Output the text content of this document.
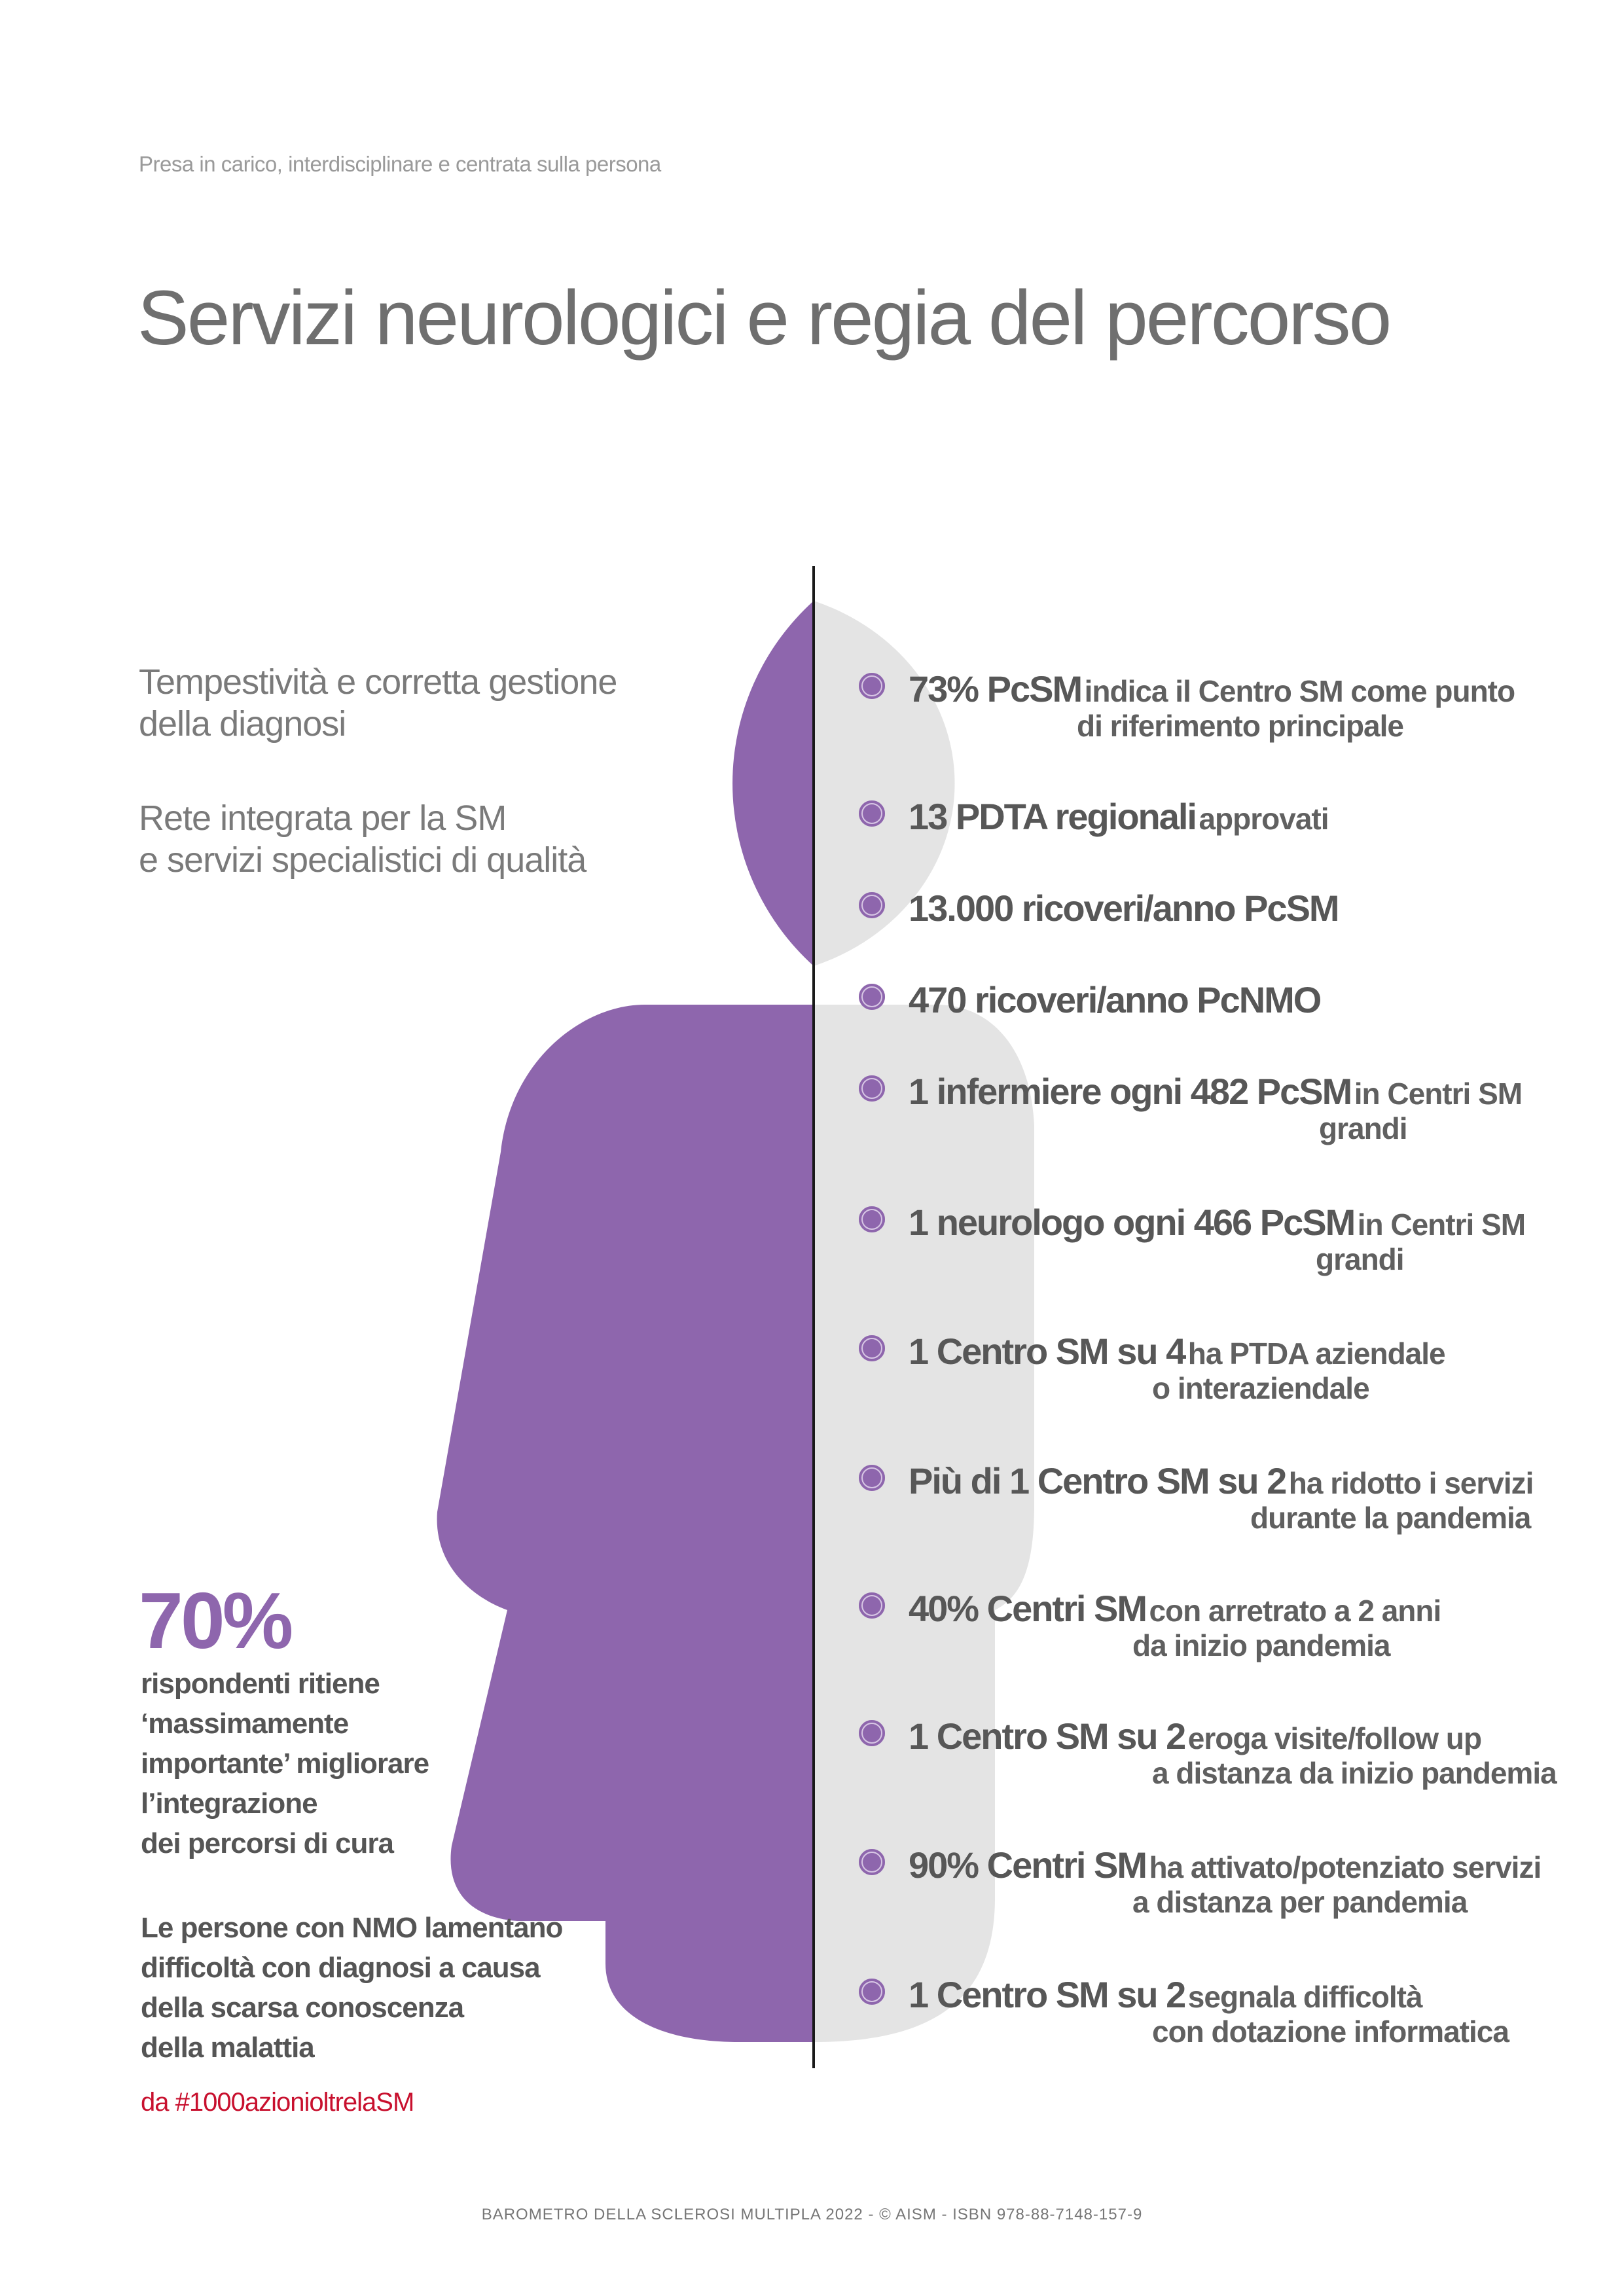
Presa in carico, interdisciplinare e centrata sulla persona
Servizi neurologici e regia del percorso
Tempestività e corretta gestione
della diagnosi
Rete integrata per la SM
e servizi specialistici di qualità
70%
rispondenti ritiene
‘massimamente
importante’ migliorare
l’integrazione
dei percorsi di cura
Le persone con NMO lamentano
difficoltà con diagnosi a causa
della scarsa conoscenza
della malattia
da #1000azionioltrelaSM
73% PcSM indica il Centro SM come punto
di riferimento principale
13 PDTA regionali approvati
13.000 ricoveri/anno PcSM
470 ricoveri/anno PcNMO
1 infermiere ogni 482 PcSM in Centri SM
grandi
1 neurologo ogni 466 PcSM in Centri SM
grandi
1 Centro SM su 4 ha PTDA aziendale
o interaziendale
Più di 1 Centro SM su 2 ha ridotto i servizi
durante la pandemia
40% Centri SM con arretrato a 2 anni
da inizio pandemia
1 Centro SM su 2 eroga visite/follow up
a distanza da inizio pandemia
90% Centri SM ha attivato/potenziato servizi
a distanza per pandemia
1 Centro SM su 2 segnala difficoltà
con dotazione informatica
BAROMETRO DELLA SCLEROSI MULTIPLA 2022 - © AISM - ISBN 978-88-7148-157-9
